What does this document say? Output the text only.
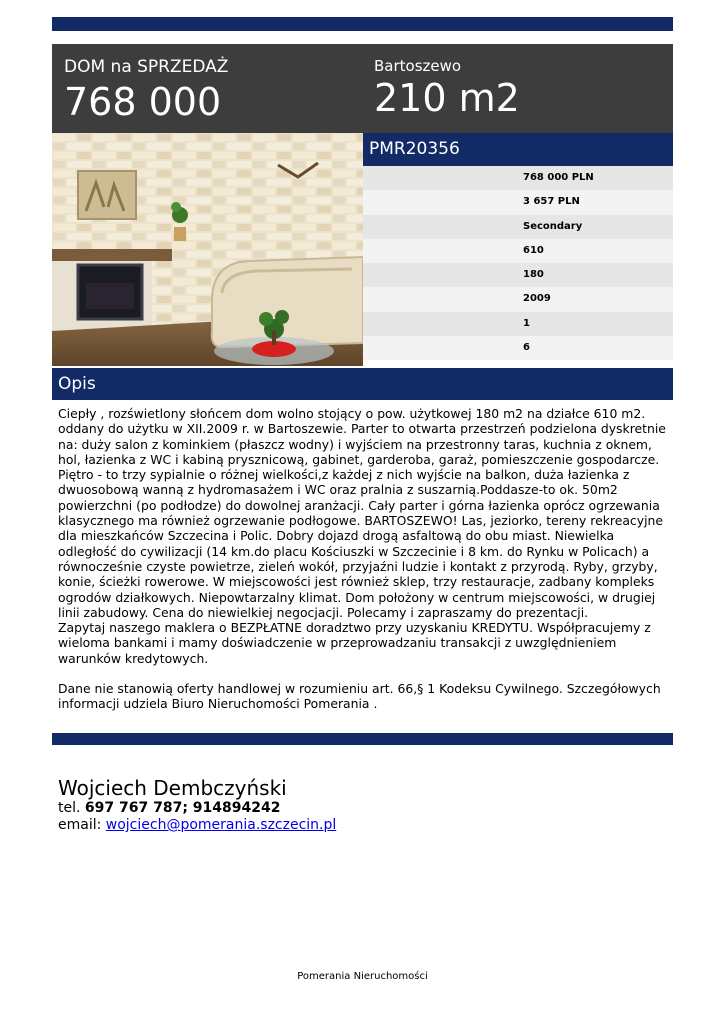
DOM na SPRZEDAŻ
768 000
Bartoszewo
210 m2
PMR20356
768 000 PLN
3 657 PLN
Secondary
610
180
2009
1
6
Opis

Ciepły , rozświetlony słońcem dom wolno stojący o pow. użytkowej 180 m2 na działce 610 m2. oddany do użytku w XII.2009 r. w Bartoszewie. Parter to otwarta przestrzeń podzielona dyskretnie na: duży salon z kominkiem (płaszcz wodny) i wyjściem na przestronny taras, kuchnia z oknem, hol, łazienka z WC i kabiną prysznicową, gabinet, garderoba, garaż, pomieszczenie gospodarcze. Piętro - to trzy sypialnie o różnej wielkości,z każdej z nich wyjście na balkon, duża łazienka z dwuosobową wanną z hydromasażem i WC oraz pralnia z suszarnią.Poddasze-to ok. 50m2 powierzchni (po podłodze) do dowolnej aranżacji. Cały parter i górna łazienka oprócz ogrzewania klasycznego ma również ogrzewanie podłogowe. BARTOSZEWO! Las, jeziorko, tereny rekreacyjne dla mieszkańców Szczecina i Polic. Dobry dojazd drogą asfaltową do obu miast. Niewielka odległość do cywilizacji (14 km.do placu Kościuszki w Szczecinie i 8 km. do Rynku w Policach) a równocześnie czyste powietrze, zieleń wokół, przyjaźni ludzie i kontakt z przyrodą. Ryby, grzyby, konie, ścieżki rowerowe. W miejscowości jest również sklep, trzy restauracje, zadbany kompleks ogrodów działkowych. Niepowtarzalny klimat. Dom położony w centrum miejscowości, w drugiej linii zabudowy. Cena do niewielkiej negocjacji. Polecamy i zapraszamy do prezentacji.
Zapytaj naszego maklera o BEZPŁATNE doradztwo przy uzyskaniu KREDYTU. Współpracujemy z wieloma bankami i mamy doświadczenie w przeprowadzaniu transakcji z uwzględnieniem warunków kredytowych.

Dane nie stanowią oferty handlowej w rozumieniu art. 66,§ 1 Kodeksu Cywilnego. Szczegółowych informacji udziela Biuro Nieruchomości Pomerania .

Wojciech Dembczyński
tel. 697 767 787; 914894242
email: wojciech@pomerania.szczecin.pl
Pomerania Nieruchomości
